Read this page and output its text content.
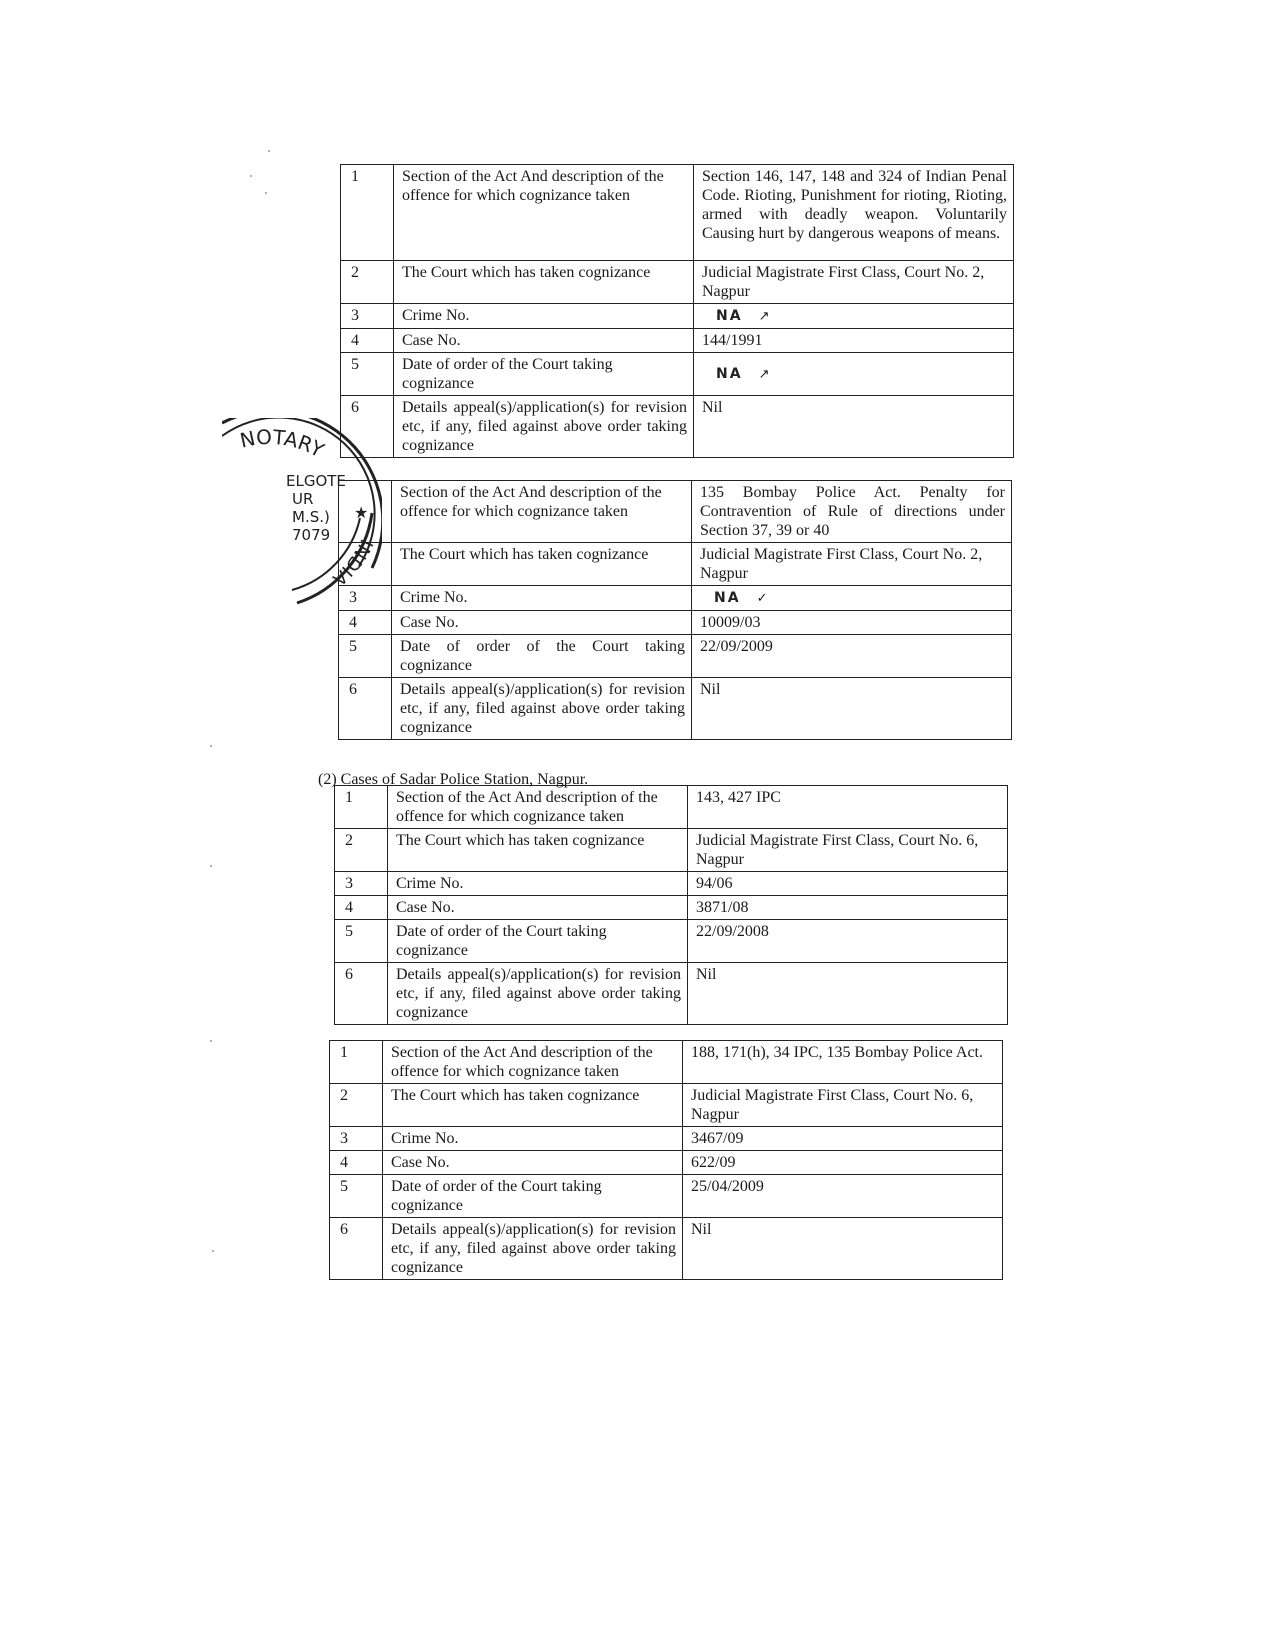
1	Section of the Act And description of the offence for which cognizance taken	Section 146, 147, 148 and 324 of Indian Penal Code. Rioting, Punishment for rioting, Rioting, armed with deadly weapon. Voluntarily Causing hurt by dangerous weapons of means.
2	The Court which has taken cognizance	Judicial Magistrate First Class, Court No. 2, Nagpur
3	Crime No.	NA ↗
4	Case No.	144/1991
5	Date of order of the Court taking cognizance	NA ↗
6	Details appeal(s)/application(s) for revision etc, if any, filed against above order taking cognizance	Nil
	Section of the Act And description of the offence for which cognizance taken	135 Bombay Police Act. Penalty for Contravention of Rule of directions under Section 37, 39 or 40
	The Court which has taken cognizance	Judicial Magistrate First Class, Court No. 2, Nagpur
3	Crime No.	NA ✓
4	Case No.	10009/03
5	Date of order of the Court taking cognizance	22/09/2009
6	Details appeal(s)/application(s) for revision etc, if any, filed against above order taking cognizance	Nil
(2) Cases of Sadar Police Station, Nagpur.
1	Section of the Act And description of the offence for which cognizance taken	143, 427 IPC
2	The Court which has taken cognizance	Judicial Magistrate First Class, Court No. 6, Nagpur
3	Crime No.	94/06
4	Case No.	3871/08
5	Date of order of the Court taking cognizance	22/09/2008
6	Details appeal(s)/application(s) for revision etc, if any, filed against above order taking cognizance	Nil
1	Section of the Act And description of the offence for which cognizance taken	188, 171(h), 34 IPC, 135 Bombay Police Act.
2	The Court which has taken cognizance	Judicial Magistrate First Class, Court No. 6, Nagpur
3	Crime No.	3467/09
4	Case No.	622/09
5	Date of order of the Court taking cognizance	25/04/2009
6	Details appeal(s)/application(s) for revision etc, if any, filed against above order taking cognizance	Nil
NOTARY
INDIA
ELGOTE
UR
M.S.)
7079
★
